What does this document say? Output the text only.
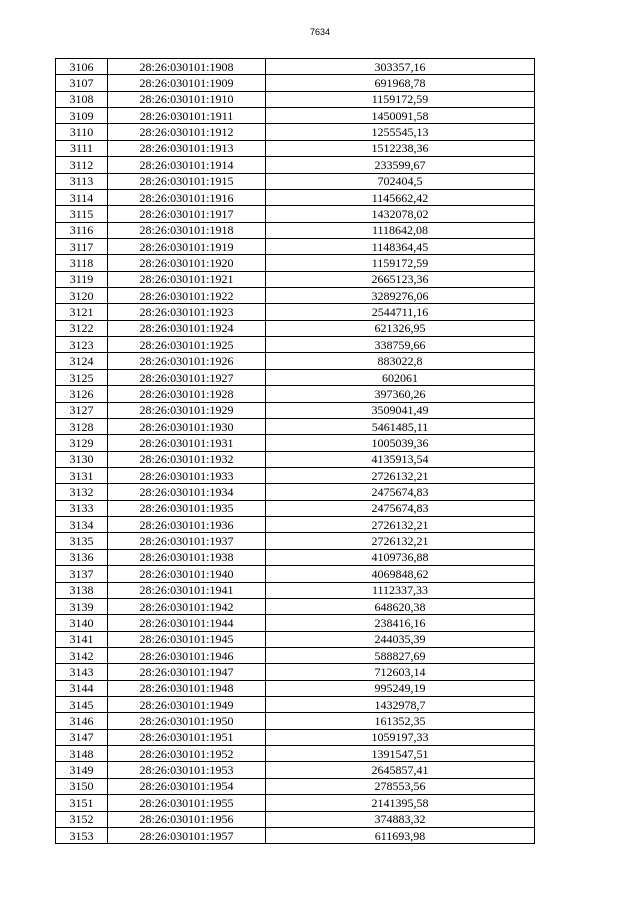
7634
3106	28:26:030101:1908	303357,16
3107	28:26:030101:1909	691968,78
3108	28:26:030101:1910	1159172,59
3109	28:26:030101:1911	1450091,58
3110	28:26:030101:1912	1255545,13
3111	28:26:030101:1913	1512238,36
3112	28:26:030101:1914	233599,67
3113	28:26:030101:1915	702404,5
3114	28:26:030101:1916	1145662,42
3115	28:26:030101:1917	1432078,02
3116	28:26:030101:1918	1118642,08
3117	28:26:030101:1919	1148364,45
3118	28:26:030101:1920	1159172,59
3119	28:26:030101:1921	2665123,36
3120	28:26:030101:1922	3289276,06
3121	28:26:030101:1923	2544711,16
3122	28:26:030101:1924	621326,95
3123	28:26:030101:1925	338759,66
3124	28:26:030101:1926	883022,8
3125	28:26:030101:1927	602061
3126	28:26:030101:1928	397360,26
3127	28:26:030101:1929	3509041,49
3128	28:26:030101:1930	5461485,11
3129	28:26:030101:1931	1005039,36
3130	28:26:030101:1932	4135913,54
3131	28:26:030101:1933	2726132,21
3132	28:26:030101:1934	2475674,83
3133	28:26:030101:1935	2475674,83
3134	28:26:030101:1936	2726132,21
3135	28:26:030101:1937	2726132,21
3136	28:26:030101:1938	4109736,88
3137	28:26:030101:1940	4069848,62
3138	28:26:030101:1941	1112337,33
3139	28:26:030101:1942	648620,38
3140	28:26:030101:1944	238416,16
3141	28:26:030101:1945	244035,39
3142	28:26:030101:1946	588827,69
3143	28:26:030101:1947	712603,14
3144	28:26:030101:1948	995249,19
3145	28:26:030101:1949	1432978,7
3146	28:26:030101:1950	161352,35
3147	28:26:030101:1951	1059197,33
3148	28:26:030101:1952	1391547,51
3149	28:26:030101:1953	2645857,41
3150	28:26:030101:1954	278553,56
3151	28:26:030101:1955	2141395,58
3152	28:26:030101:1956	374883,32
3153	28:26:030101:1957	611693,98
